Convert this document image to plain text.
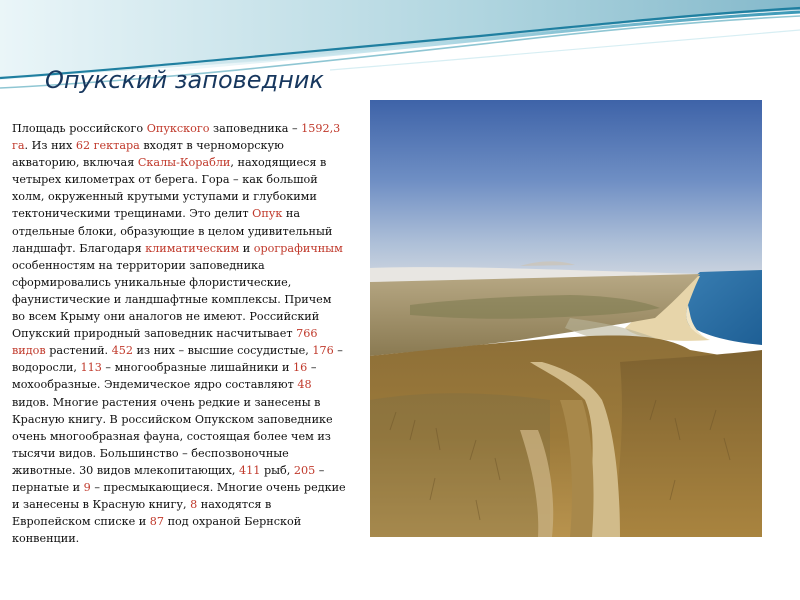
Опукский заповедник

Площадь российского Опукского заповедника – 1592,3 га. Из них 62 гектара входят в черноморскую акваторию, включая Скалы-Корабли, находящиеся в четырех километрах от берега. Гора – как большой холм, окруженный крутыми уступами и глубокими тектоническими трещинами. Это делит Опук на отдельные блоки, образующие в целом удивительный ландшафт. Благодаря климатическим и орографичным особенностям на территории заповедника сформировались уникальные флористические, фаунистические и ландшафтные комплексы. Причем во всем Крыму они аналогов не имеют. Российский Опукский природный заповедник насчитывает 766 видов растений. 452 из них – высшие сосудистые, 176 – водоросли, 113 – многообразные лишайники и 16 – мохообразные. Эндемическое ядро составляют 48 видов. Многие растения очень редкие и занесены в Красную книгу. В российском Опукском заповеднике очень многообразная фауна, состоящая более чем из тысячи видов. Большинство – беспозвоночные животные. 30 видов млекопитающих, 411 рыб, 205 – пернатые и 9 – пресмыкающиеся. Многие очень редкие и занесены в Красную книгу, 8 находятся в Европейском списке и 87 под охраной Бернской конвенции.
